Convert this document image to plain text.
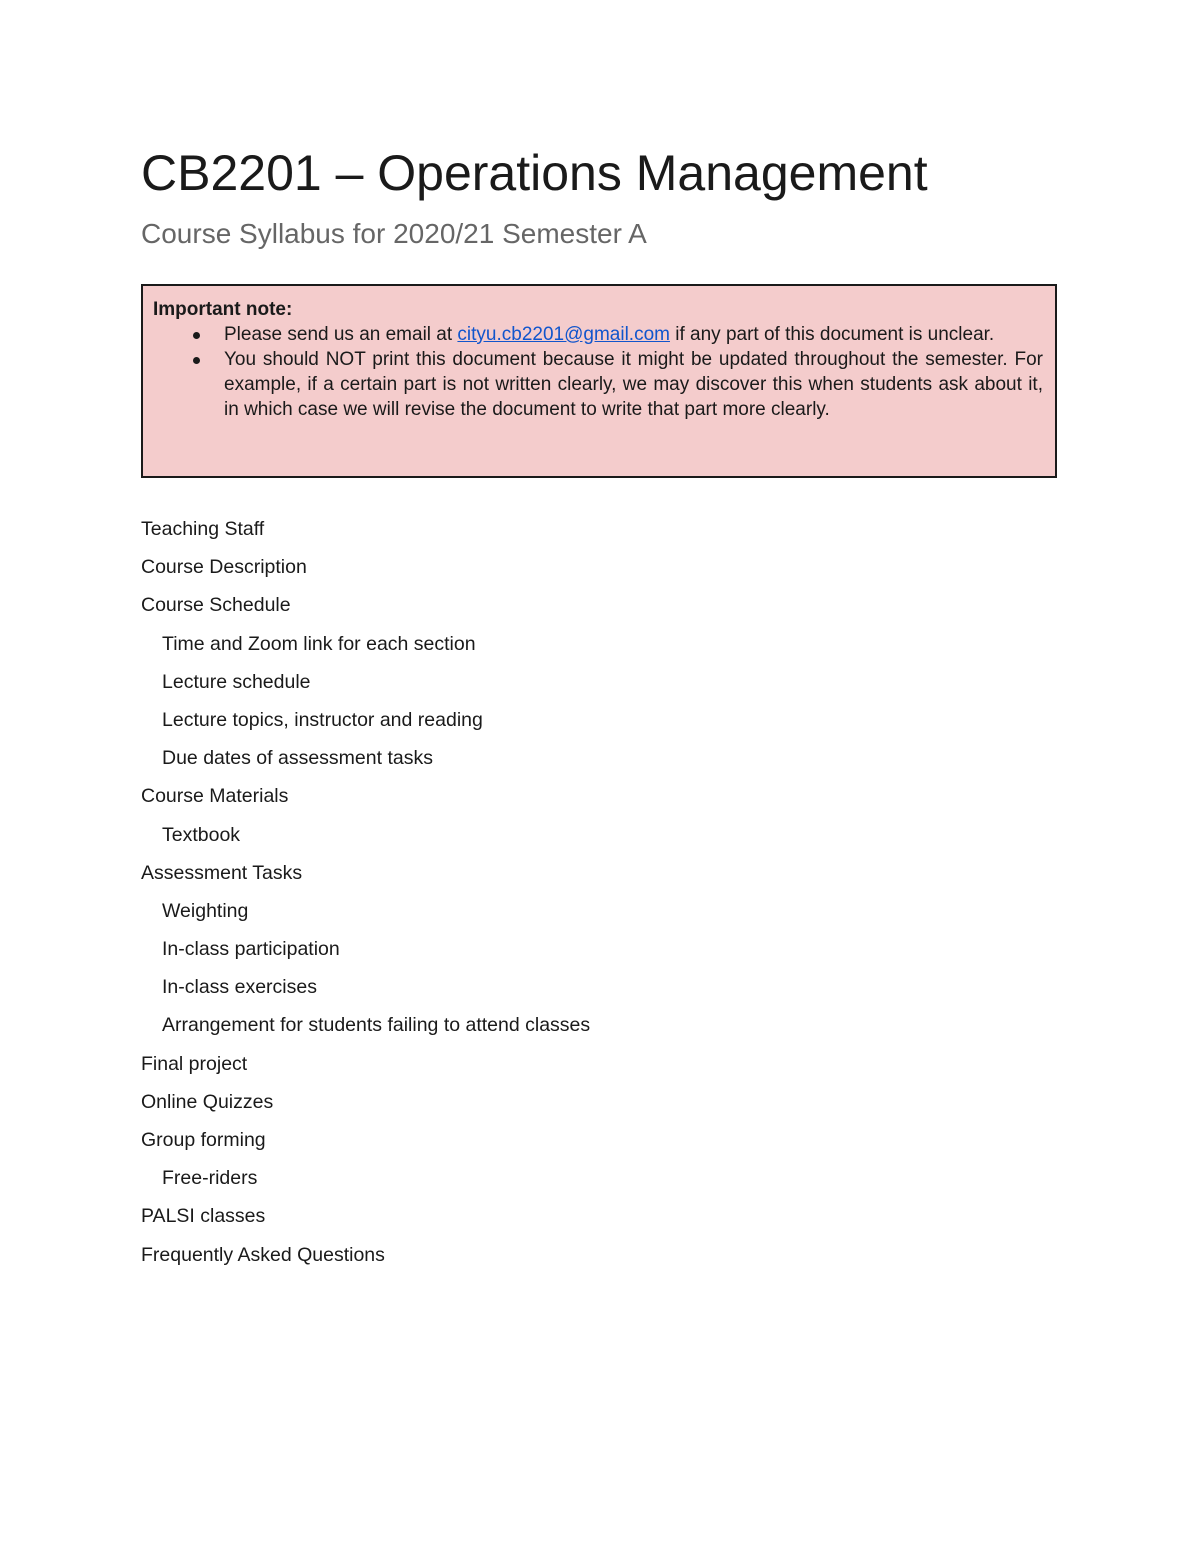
CB2201 – Operations Management
Course Syllabus for 2020/21 Semester A

Important note:

Please send us an email at cityu.cb2201@gmail.com if any part of this document is unclear.
You should NOT print this document because it might be updated throughout the semester. For example, if a certain part is not written clearly, we may discover this when students ask about it, in which case we will revise the document to write that part more clearly.
Teaching Staff
Course Description
Course Schedule
Time and Zoom link for each section
Lecture schedule
Lecture topics, instructor and reading
Due dates of assessment tasks
Course Materials
Textbook
Assessment Tasks
Weighting
In-class participation
In-class exercises
Arrangement for students failing to attend classes
Final project
Online Quizzes
Group forming
Free-riders
PALSI classes
Frequently Asked Questions
